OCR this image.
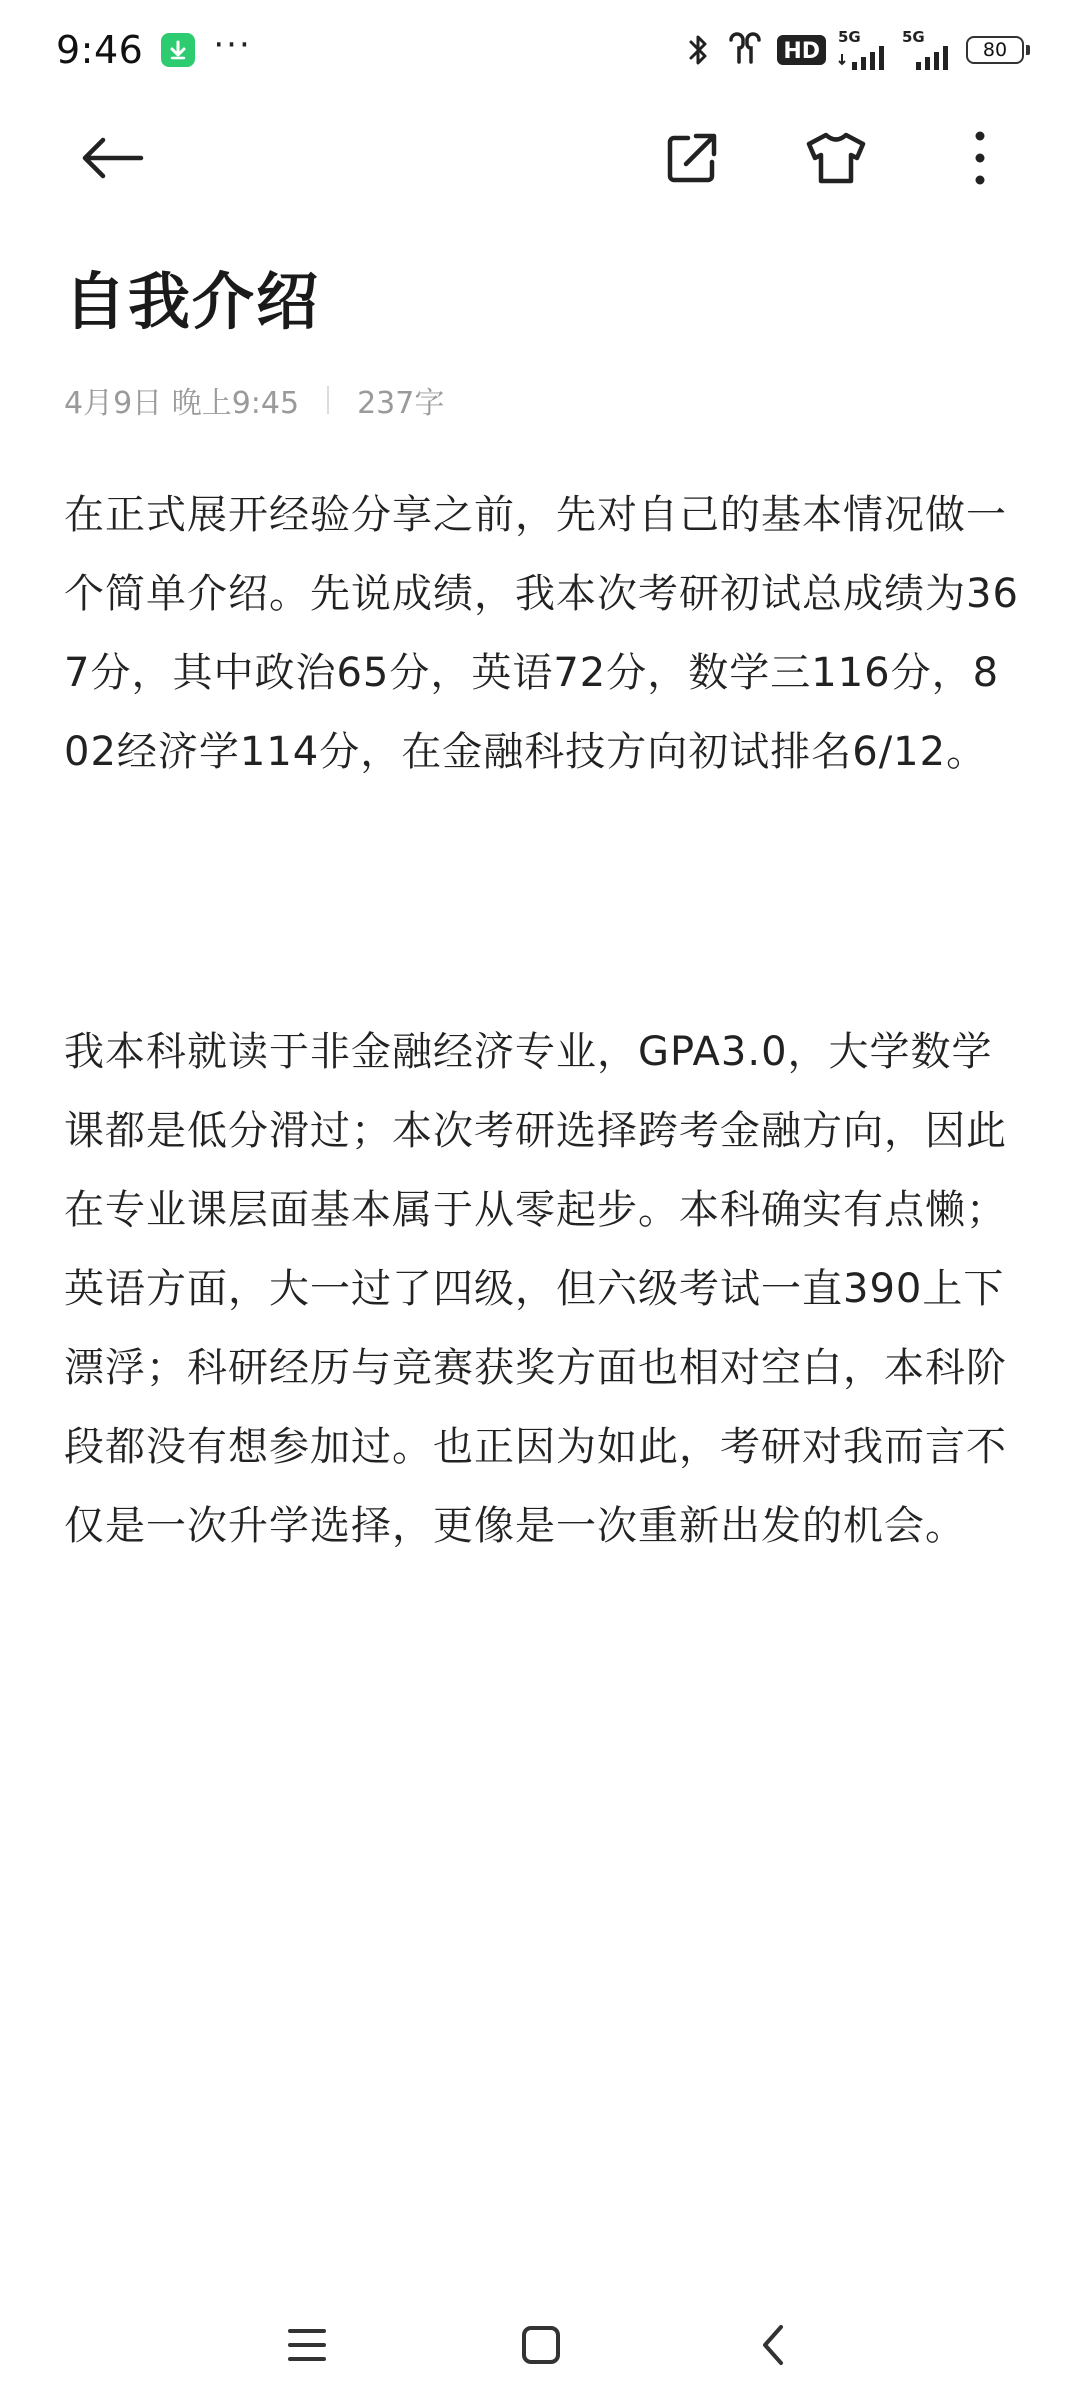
9:46 ···	HD
5G	5G
80
自我介绍
4月9日 晚上9:45 237字

在正式展开经验分享之前，先对自己的基本情况做一个简单介绍。先说成绩，我本次考研初试总成绩为367分，其中政治65分，英语72分，数学三116分，802经济学114分，在金融科技方向初试排名6/12。

我本科就读于非金融经济专业，GPA3.0，大学数学课都是低分滑过；本次考研选择跨考金融方向，因此在专业课层面基本属于从零起步。本科确实有点懒；英语方面，大一过了四级，但六级考试一直390上下漂浮；科研经历与竞赛获奖方面也相对空白，本科阶段都没有想参加过。也正因为如此，考研对我而言不仅是一次升学选择，更像是一次重新出发的机会。
